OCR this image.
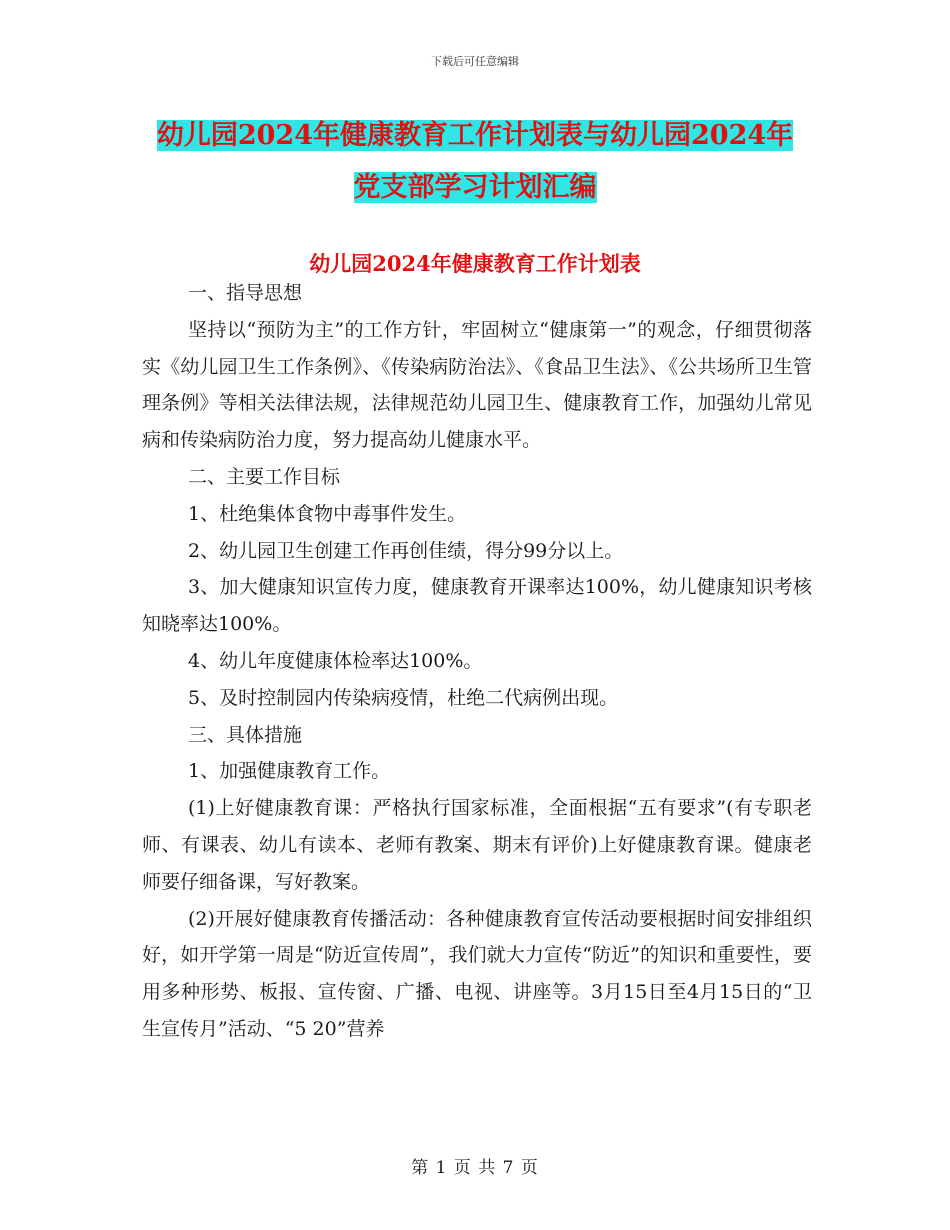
下载后可任意编辑
幼儿园2024年健康教育工作计划表与幼儿园2024年
党支部学习计划汇编
幼儿园2024年健康教育工作计划表

一、指导思想

坚持以“预防为主”的工作方针，牢固树立“健康第一”的观念，仔细贯彻落实《幼儿园卫生工作条例》、《传染病防治法》、《食品卫生法》、《公共场所卫生管理条例》等相关法律法规，法律规范幼儿园卫生、健康教育工作，加强幼儿常见病和传染病防治力度，努力提高幼儿健康水平。

二、主要工作目标

1、杜绝集体食物中毒事件发生。

2、幼儿园卫生创建工作再创佳绩，得分99分以上。

3、加大健康知识宣传力度，健康教育开课率达100%，幼儿健康知识考核知晓率达100%。

4、幼儿年度健康体检率达100%。

5、及时控制园内传染病疫情，杜绝二代病例出现。

三、具体措施

1、加强健康教育工作。

(1)上好健康教育课：严格执行国家标准，全面根据“五有要求”(有专职老师、有课表、幼儿有读本、老师有教案、期末有评价)上好健康教育课。健康老师要仔细备课，写好教案。

(2)开展好健康教育传播活动：各种健康教育宣传活动要根据时间安排组织好，如开学第一周是“防近宣传周”，我们就大力宣传“防近”的知识和重要性，要用多种形势、板报、宣传窗、广播、电视、讲座等。3月15日至4月15日的“卫生宣传月”活动、“5 20”营养

第 1 页 共 7 页
